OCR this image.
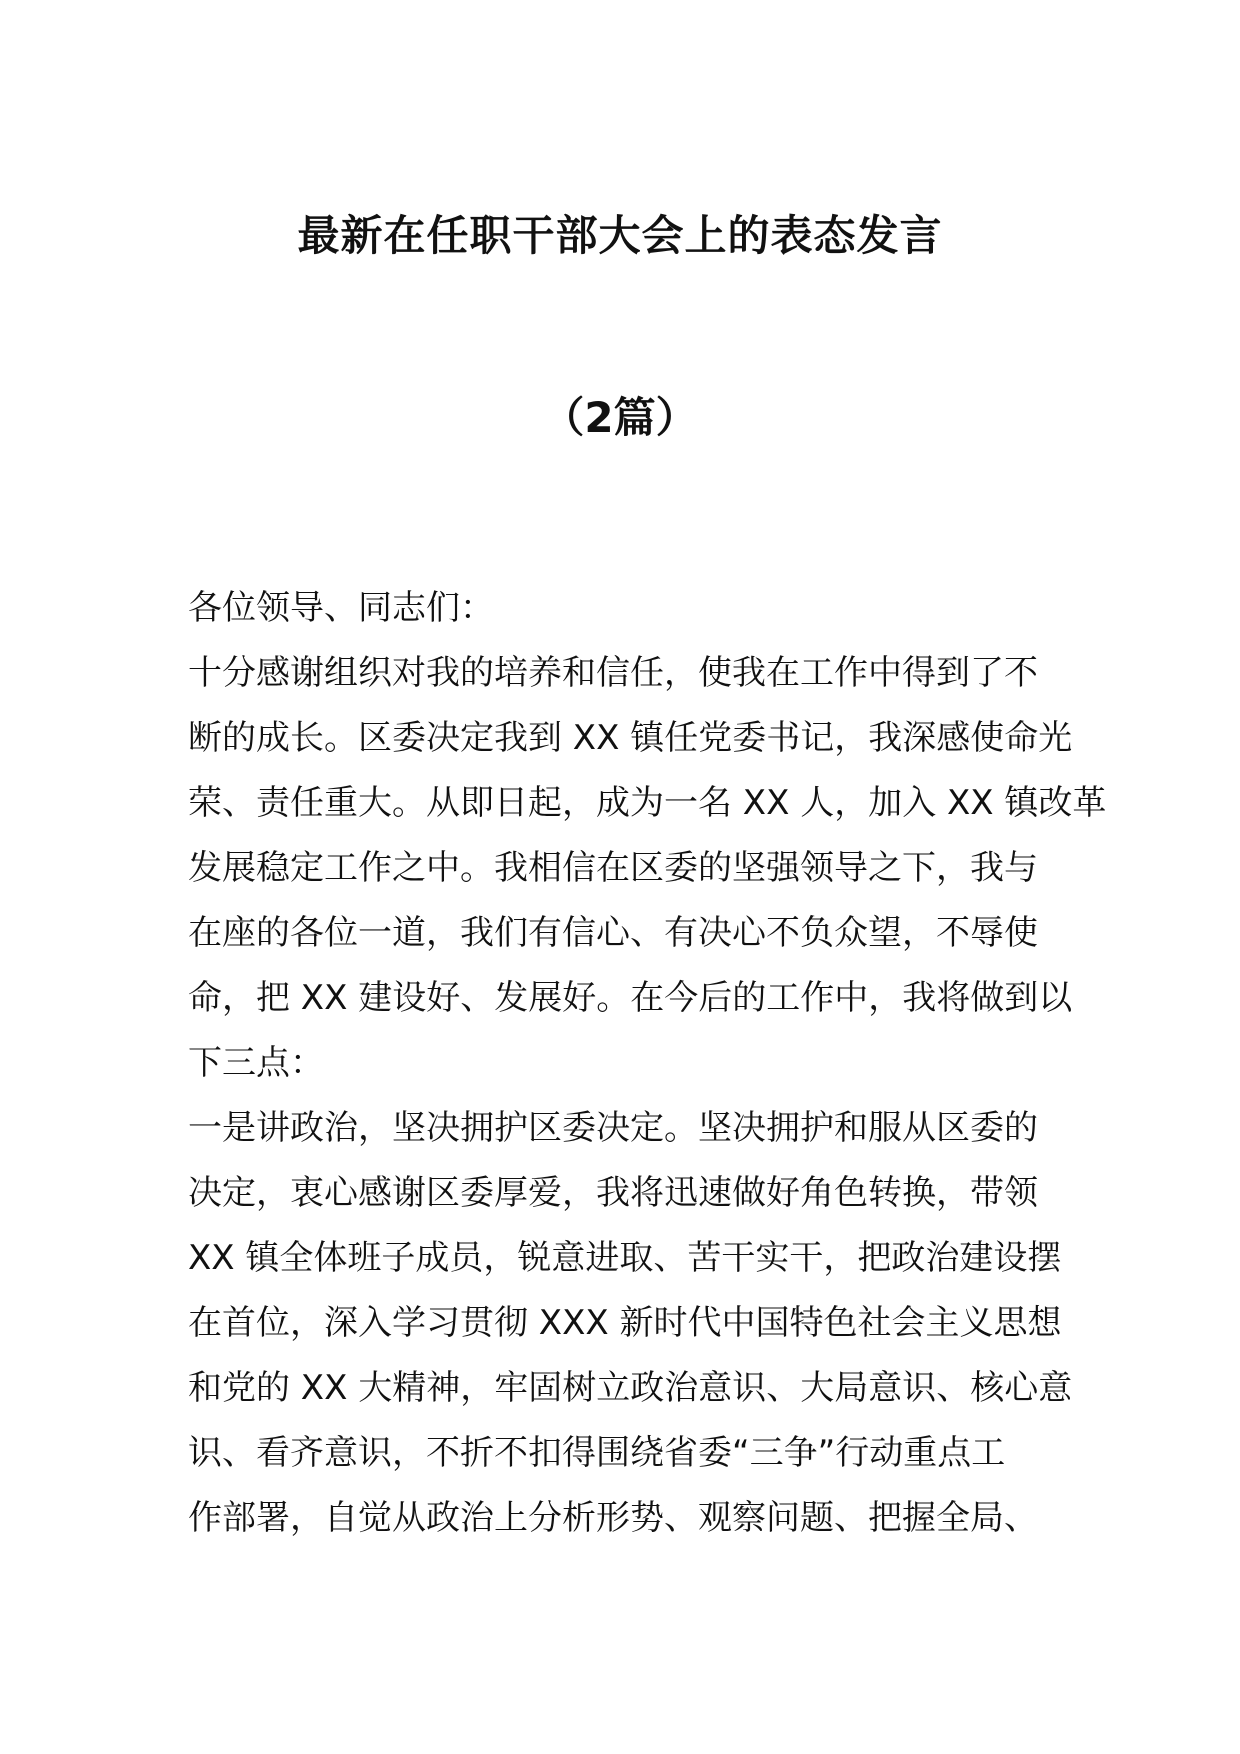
最新在任职干部大会上的表态发言
（2篇）
各位领导、同志们：
十分感谢组织对我的培养和信任，使我在工作中得到了不
断的成长。区委决定我到 XX 镇任党委书记，我深感使命光
荣、责任重大。从即日起，成为一名 XX 人，加入 XX 镇改革
发展稳定工作之中。我相信在区委的坚强领导之下，我与
在座的各位一道，我们有信心、有决心不负众望，不辱使
命，把 XX 建设好、发展好。在今后的工作中，我将做到以
下三点：
一是讲政治，坚决拥护区委决定。坚决拥护和服从区委的
决定，衷心感谢区委厚爱，我将迅速做好角色转换，带领
XX 镇全体班子成员，锐意进取、苦干实干，把政治建设摆
在首位，深入学习贯彻 XXX 新时代中国特色社会主义思想
和党的 XX 大精神，牢固树立政治意识、大局意识、核心意
识、看齐意识，不折不扣得围绕省委“三争”行动重点工
作部署，自觉从政治上分析形势、观察问题、把握全局、
